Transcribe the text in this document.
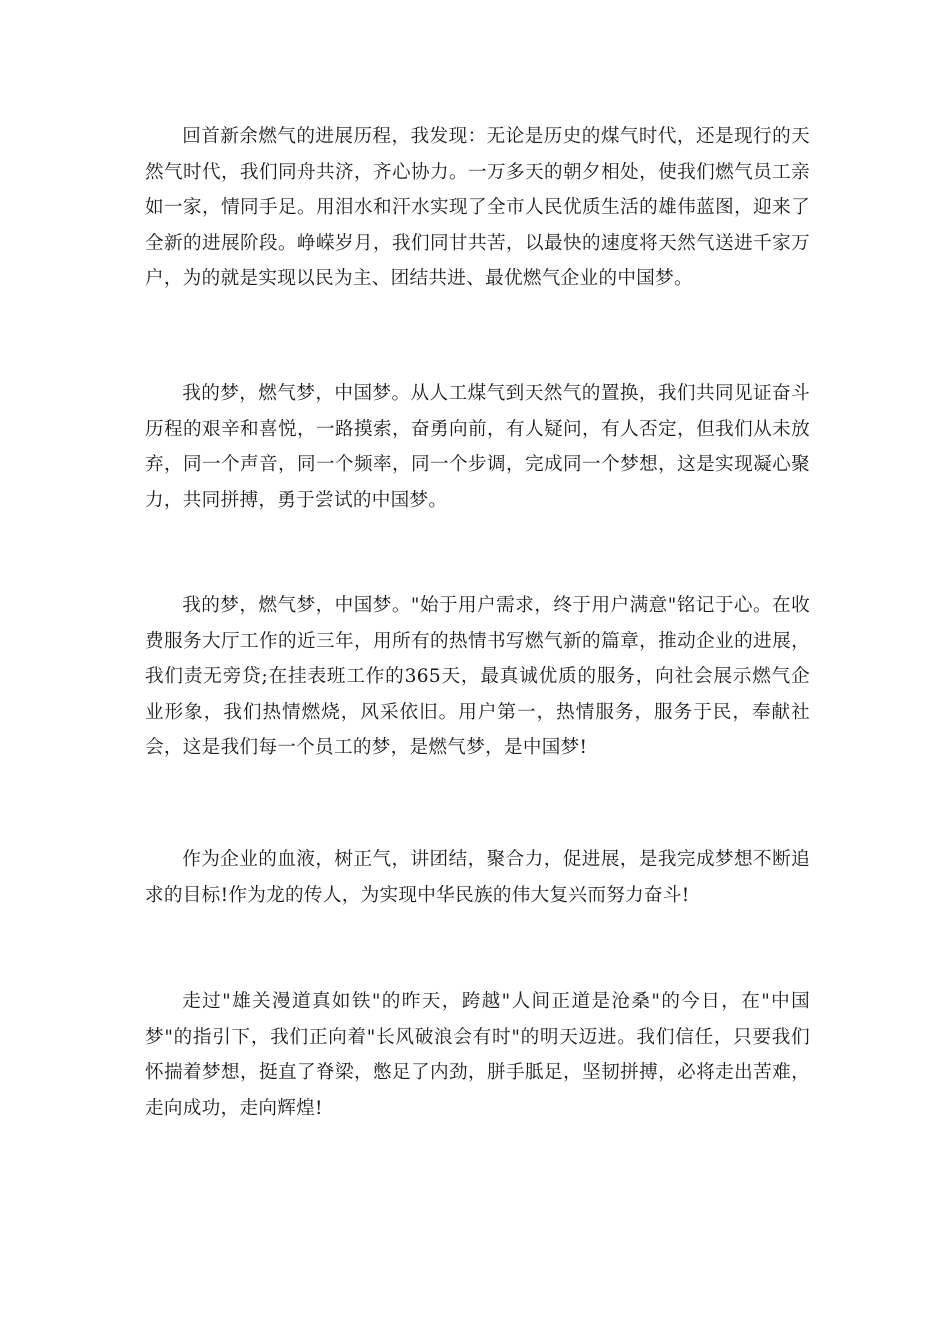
回首新余燃气的进展历程，我发现：无论是历史的煤气时代，还是现行的天然气时代，我们同舟共济，齐心协力。一万多天的朝夕相处，使我们燃气员工亲如一家，情同手足。用泪水和汗水实现了全市人民优质生活的雄伟蓝图，迎来了全新的进展阶段。峥嵘岁月，我们同甘共苦，以最快的速度将天然气送进千家万户，为的就是实现以民为主、团结共进、最优燃气企业的中国梦。

我的梦，燃气梦，中国梦。从人工煤气到天然气的置换，我们共同见证奋斗历程的艰辛和喜悦，一路摸索，奋勇向前，有人疑问，有人否定，但我们从未放弃，同一个声音，同一个频率，同一个步调，完成同一个梦想，这是实现凝心聚力，共同拼搏，勇于尝试的中国梦。

我的梦，燃气梦，中国梦。"始于用户需求，终于用户满意"铭记于心。在收费服务大厅工作的近三年，用所有的热情书写燃气新的篇章，推动企业的进展，我们责无旁贷;在挂表班工作的365天，最真诚优质的服务，向社会展示燃气企业形象，我们热情燃烧，风采依旧。用户第一，热情服务，服务于民，奉献社会，这是我们每一个员工的梦，是燃气梦，是中国梦!

作为企业的血液，树正气，讲团结，聚合力，促进展，是我完成梦想不断追求的目标!作为龙的传人，为实现中华民族的伟大复兴而努力奋斗!

走过"雄关漫道真如铁"的昨天，跨越"人间正道是沧桑"的今日，在"中国梦"的指引下，我们正向着"长风破浪会有时"的明天迈进。我们信任，只要我们怀揣着梦想，挺直了脊梁，憋足了内劲，胼手胝足，坚韧拼搏，必将走出苦难，走向成功，走向辉煌!
